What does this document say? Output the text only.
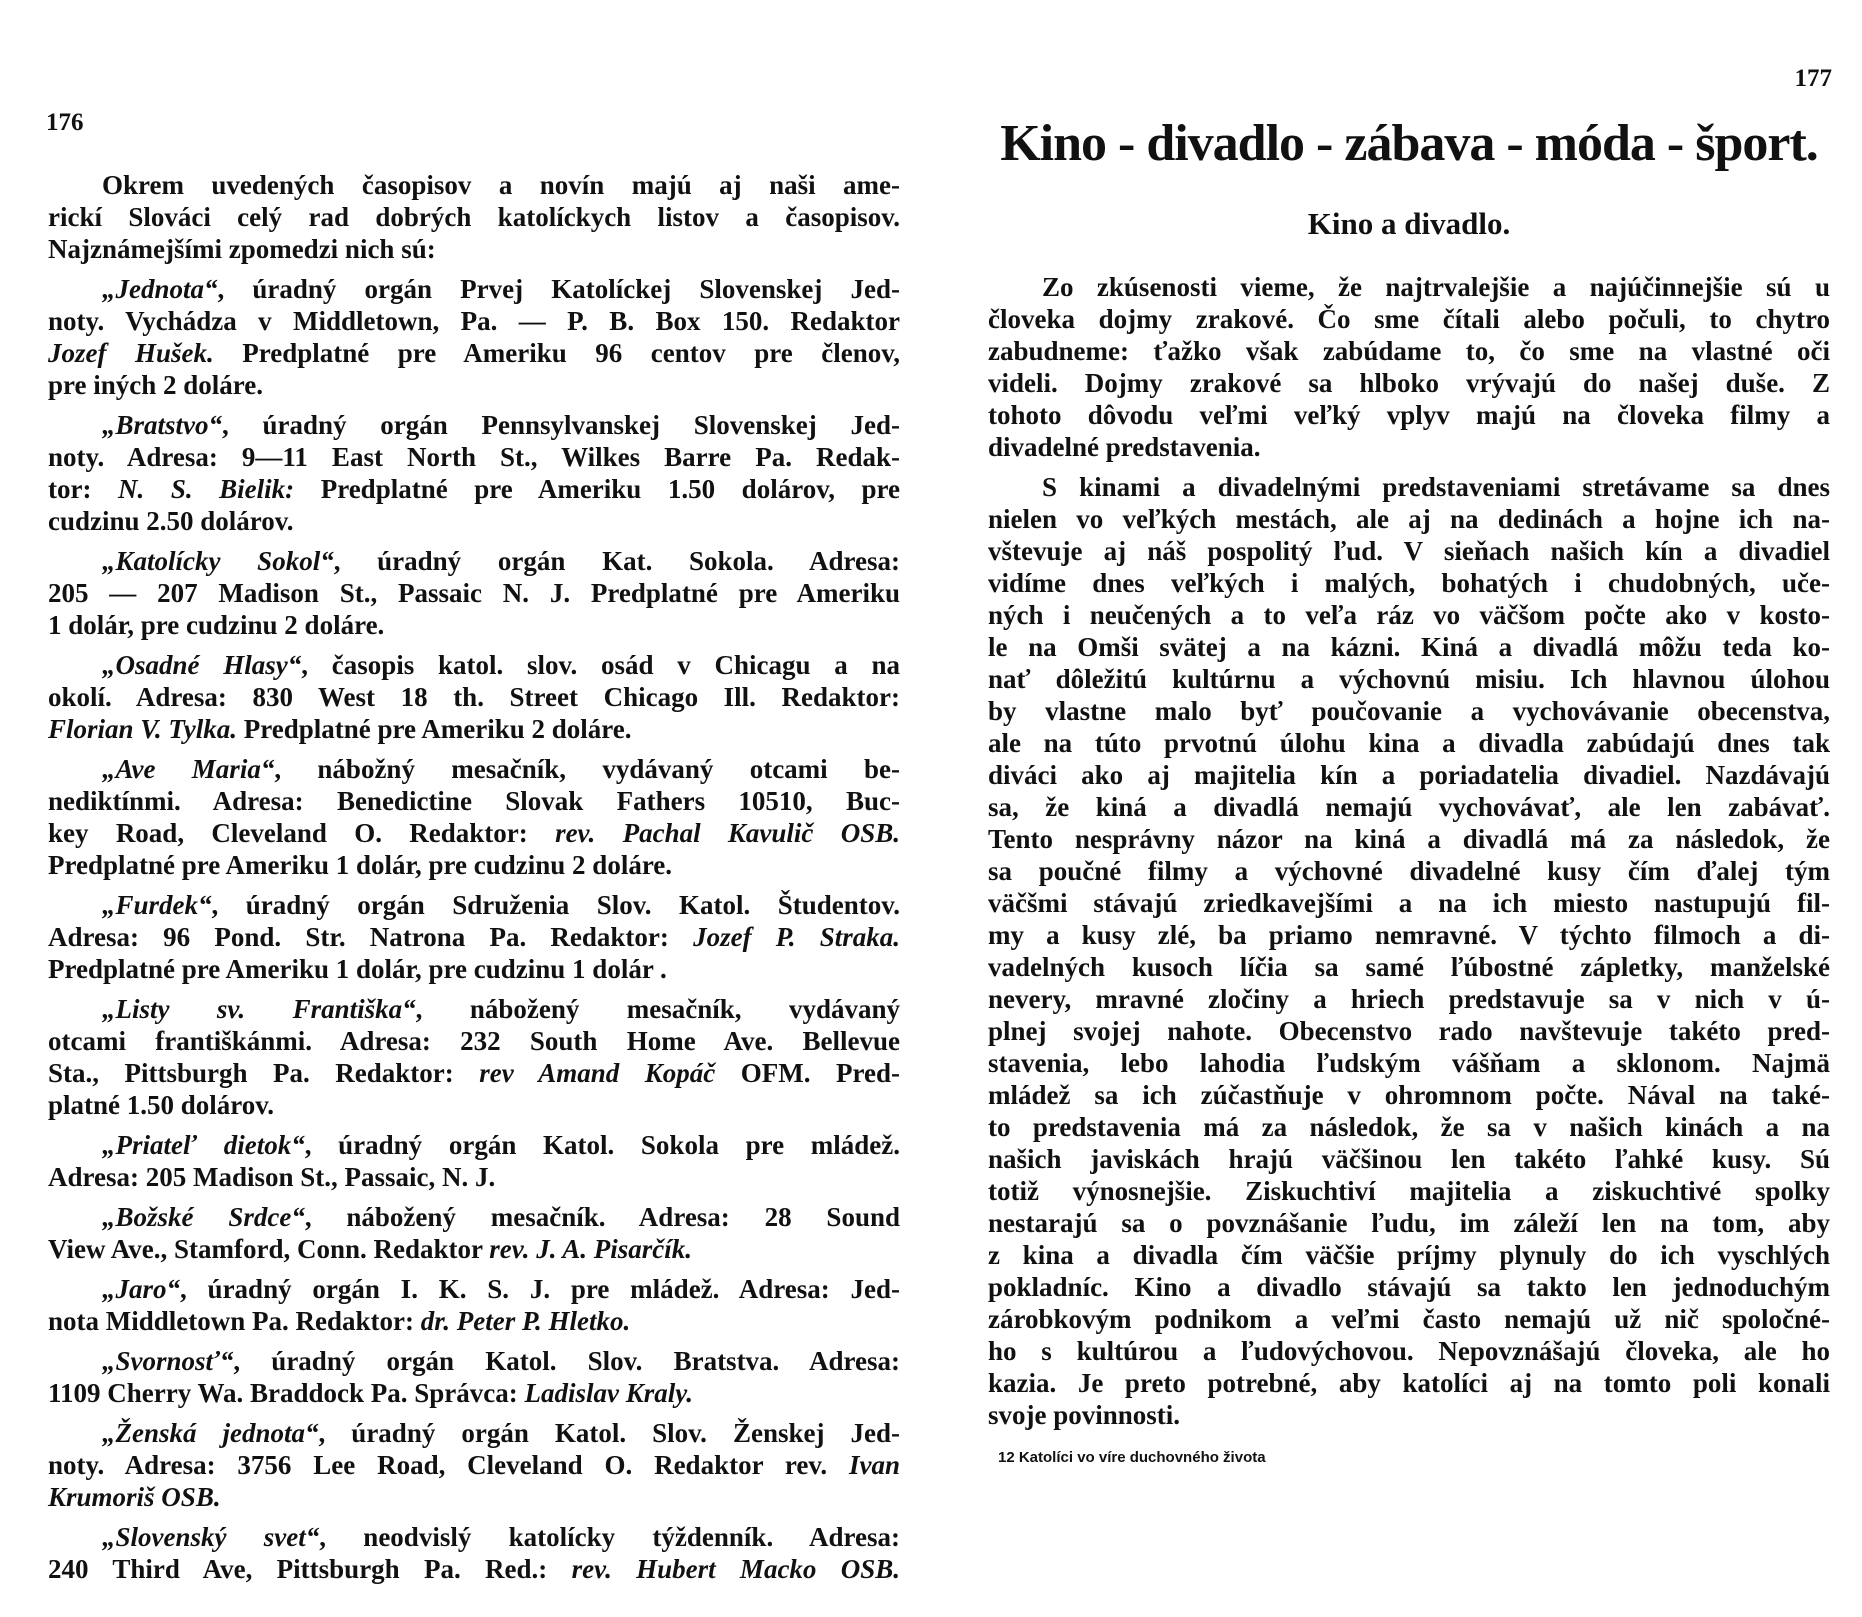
176
Okrem uvedených časopisov a novín majú aj naši ame-
rickí Slováci celý rad dobrých katolíckych listov a časopisov.
Najznámejšími zpomedzi nich sú:
„Jednota“, úradný orgán Prvej Katolíckej Slovenskej Jed-
noty. Vychádza v Middletown, Pa. — P. B. Box 150. Redaktor
Jozef Hušek. Predplatné pre Ameriku 96 centov pre členov,
pre iných 2 doláre.
„Bratstvo“, úradný orgán Pennsylvanskej Slovenskej Jed-
noty. Adresa: 9—11 East North St., Wilkes Barre Pa. Redak-
tor: N. S. Bielik: Predplatné pre Ameriku 1.50 dolárov, pre
cudzinu 2.50 dolárov.
„Katolícky Sokol“, úradný orgán Kat. Sokola. Adresa:
205 — 207 Madison St., Passaic N. J. Predplatné pre Ameriku
1 dolár, pre cudzinu 2 doláre.
„Osadné Hlasy“, časopis katol. slov. osád v Chicagu a na
okolí. Adresa: 830 West 18 th. Street Chicago Ill. Redaktor:
Florian V. Tylka. Predplatné pre Ameriku 2 doláre.
„Ave Maria“, nábožný mesačník, vydávaný otcami be-
nediktínmi. Adresa: Benedictine Slovak Fathers 10510, Buc-
key Road, Cleveland O. Redaktor: rev. Pachal Kavulič OSB.
Predplatné pre Ameriku 1 dolár, pre cudzinu 2 doláre.
„Furdek“, úradný orgán Sdruženia Slov. Katol. Študentov.
Adresa: 96 Pond. Str. Natrona Pa. Redaktor: Jozef P. Straka.
Predplatné pre Ameriku 1 dolár, pre cudzinu 1 dolár .
„Listy sv. Františka“, nábožený mesačník, vydávaný
otcami františkánmi. Adresa: 232 South Home Ave. Bellevue
Sta., Pittsburgh Pa. Redaktor: rev Amand Kopáč OFM. Pred-
platné 1.50 dolárov.
„Priateľ dietok“, úradný orgán Katol. Sokola pre mládež.
Adresa: 205 Madison St., Passaic, N. J.
„Božské Srdce“, nábožený mesačník. Adresa: 28 Sound
View Ave., Stamford, Conn. Redaktor rev. J. A. Pisarčík.
„Jaro“, úradný orgán I. K. S. J. pre mládež. Adresa: Jed-
nota Middletown Pa. Redaktor: dr. Peter P. Hletko.
„Svornosť“, úradný orgán Katol. Slov. Bratstva. Adresa:
1109 Cherry Wa. Braddock Pa. Správca: Ladislav Kraly.
„Ženská jednota“, úradný orgán Katol. Slov. Ženskej Jed-
noty. Adresa: 3756 Lee Road, Cleveland O. Redaktor rev. Ivan
Krumoriš OSB.
„Slovenský svet“, neodvislý katolícky týždenník. Adresa:
240 Third Ave, Pittsburgh Pa. Red.: rev. Hubert Macko OSB.
177
Kino - divadlo - zábava - móda - šport.
Kino a divadlo.
Zo zkúsenosti vieme, že najtrvalejšie a najúčinnejšie sú u
človeka dojmy zrakové. Čo sme čítali alebo počuli, to chytro
zabudneme: ťažko však zabúdame to, čo sme na vlastné oči
videli. Dojmy zrakové sa hlboko vrývajú do našej duše. Z
tohoto dôvodu veľmi veľký vplyv majú na človeka filmy a
divadelné predstavenia.
S kinami a divadelnými predstaveniami stretávame sa dnes
nielen vo veľkých mestách, ale aj na dedinách a hojne ich na-
vštevuje aj náš pospolitý ľud. V sieňach našich kín a divadiel
vidíme dnes veľkých i malých, bohatých i chudobných, uče-
ných i neučených a to veľa ráz vo väčšom počte ako v kosto-
le na Omši svätej a na kázni. Kiná a divadlá môžu teda ko-
nať dôležitú kultúrnu a výchovnú misiu. Ich hlavnou úlohou
by vlastne malo byť poučovanie a vychovávanie obecenstva,
ale na túto prvotnú úlohu kina a divadla zabúdajú dnes tak
diváci ako aj majitelia kín a poriadatelia divadiel. Nazdávajú
sa, že kiná a divadlá nemajú vychovávať, ale len zabávať.
Tento nesprávny názor na kiná a divadlá má za následok, že
sa poučné filmy a výchovné divadelné kusy čím ďalej tým
väčšmi stávajú zriedkavejšími a na ich miesto nastupujú fil-
my a kusy zlé, ba priamo nemravné. V týchto filmoch a di-
vadelných kusoch líčia sa samé ľúbostné zápletky, manželské
nevery, mravné zločiny a hriech predstavuje sa v nich v ú-
plnej svojej nahote. Obecenstvo rado navštevuje takéto pred-
stavenia, lebo lahodia ľudským vášňam a sklonom. Najmä
mládež sa ich zúčastňuje v ohromnom počte. Nával na také-
to predstavenia má za následok, že sa v našich kinách a na
našich javiskách hrajú väčšinou len takéto ľahké kusy. Sú
totiž výnosnejšie. Ziskuchtiví majitelia a ziskuchtivé spolky
nestarajú sa o povznášanie ľudu, im záleží len na tom, aby
z kina a divadla čím väčšie príjmy plynuly do ich vyschlých
pokladníc. Kino a divadlo stávajú sa takto len jednoduchým
zárobkovým podnikom a veľmi často nemajú už nič spoločné-
ho s kultúrou a ľudovýchovou. Nepovznášajú človeka, ale ho
kazia. Je preto potrebné, aby katolíci aj na tomto poli konali
svoje povinnosti.
12 Katolíci vo víre duchovného života
